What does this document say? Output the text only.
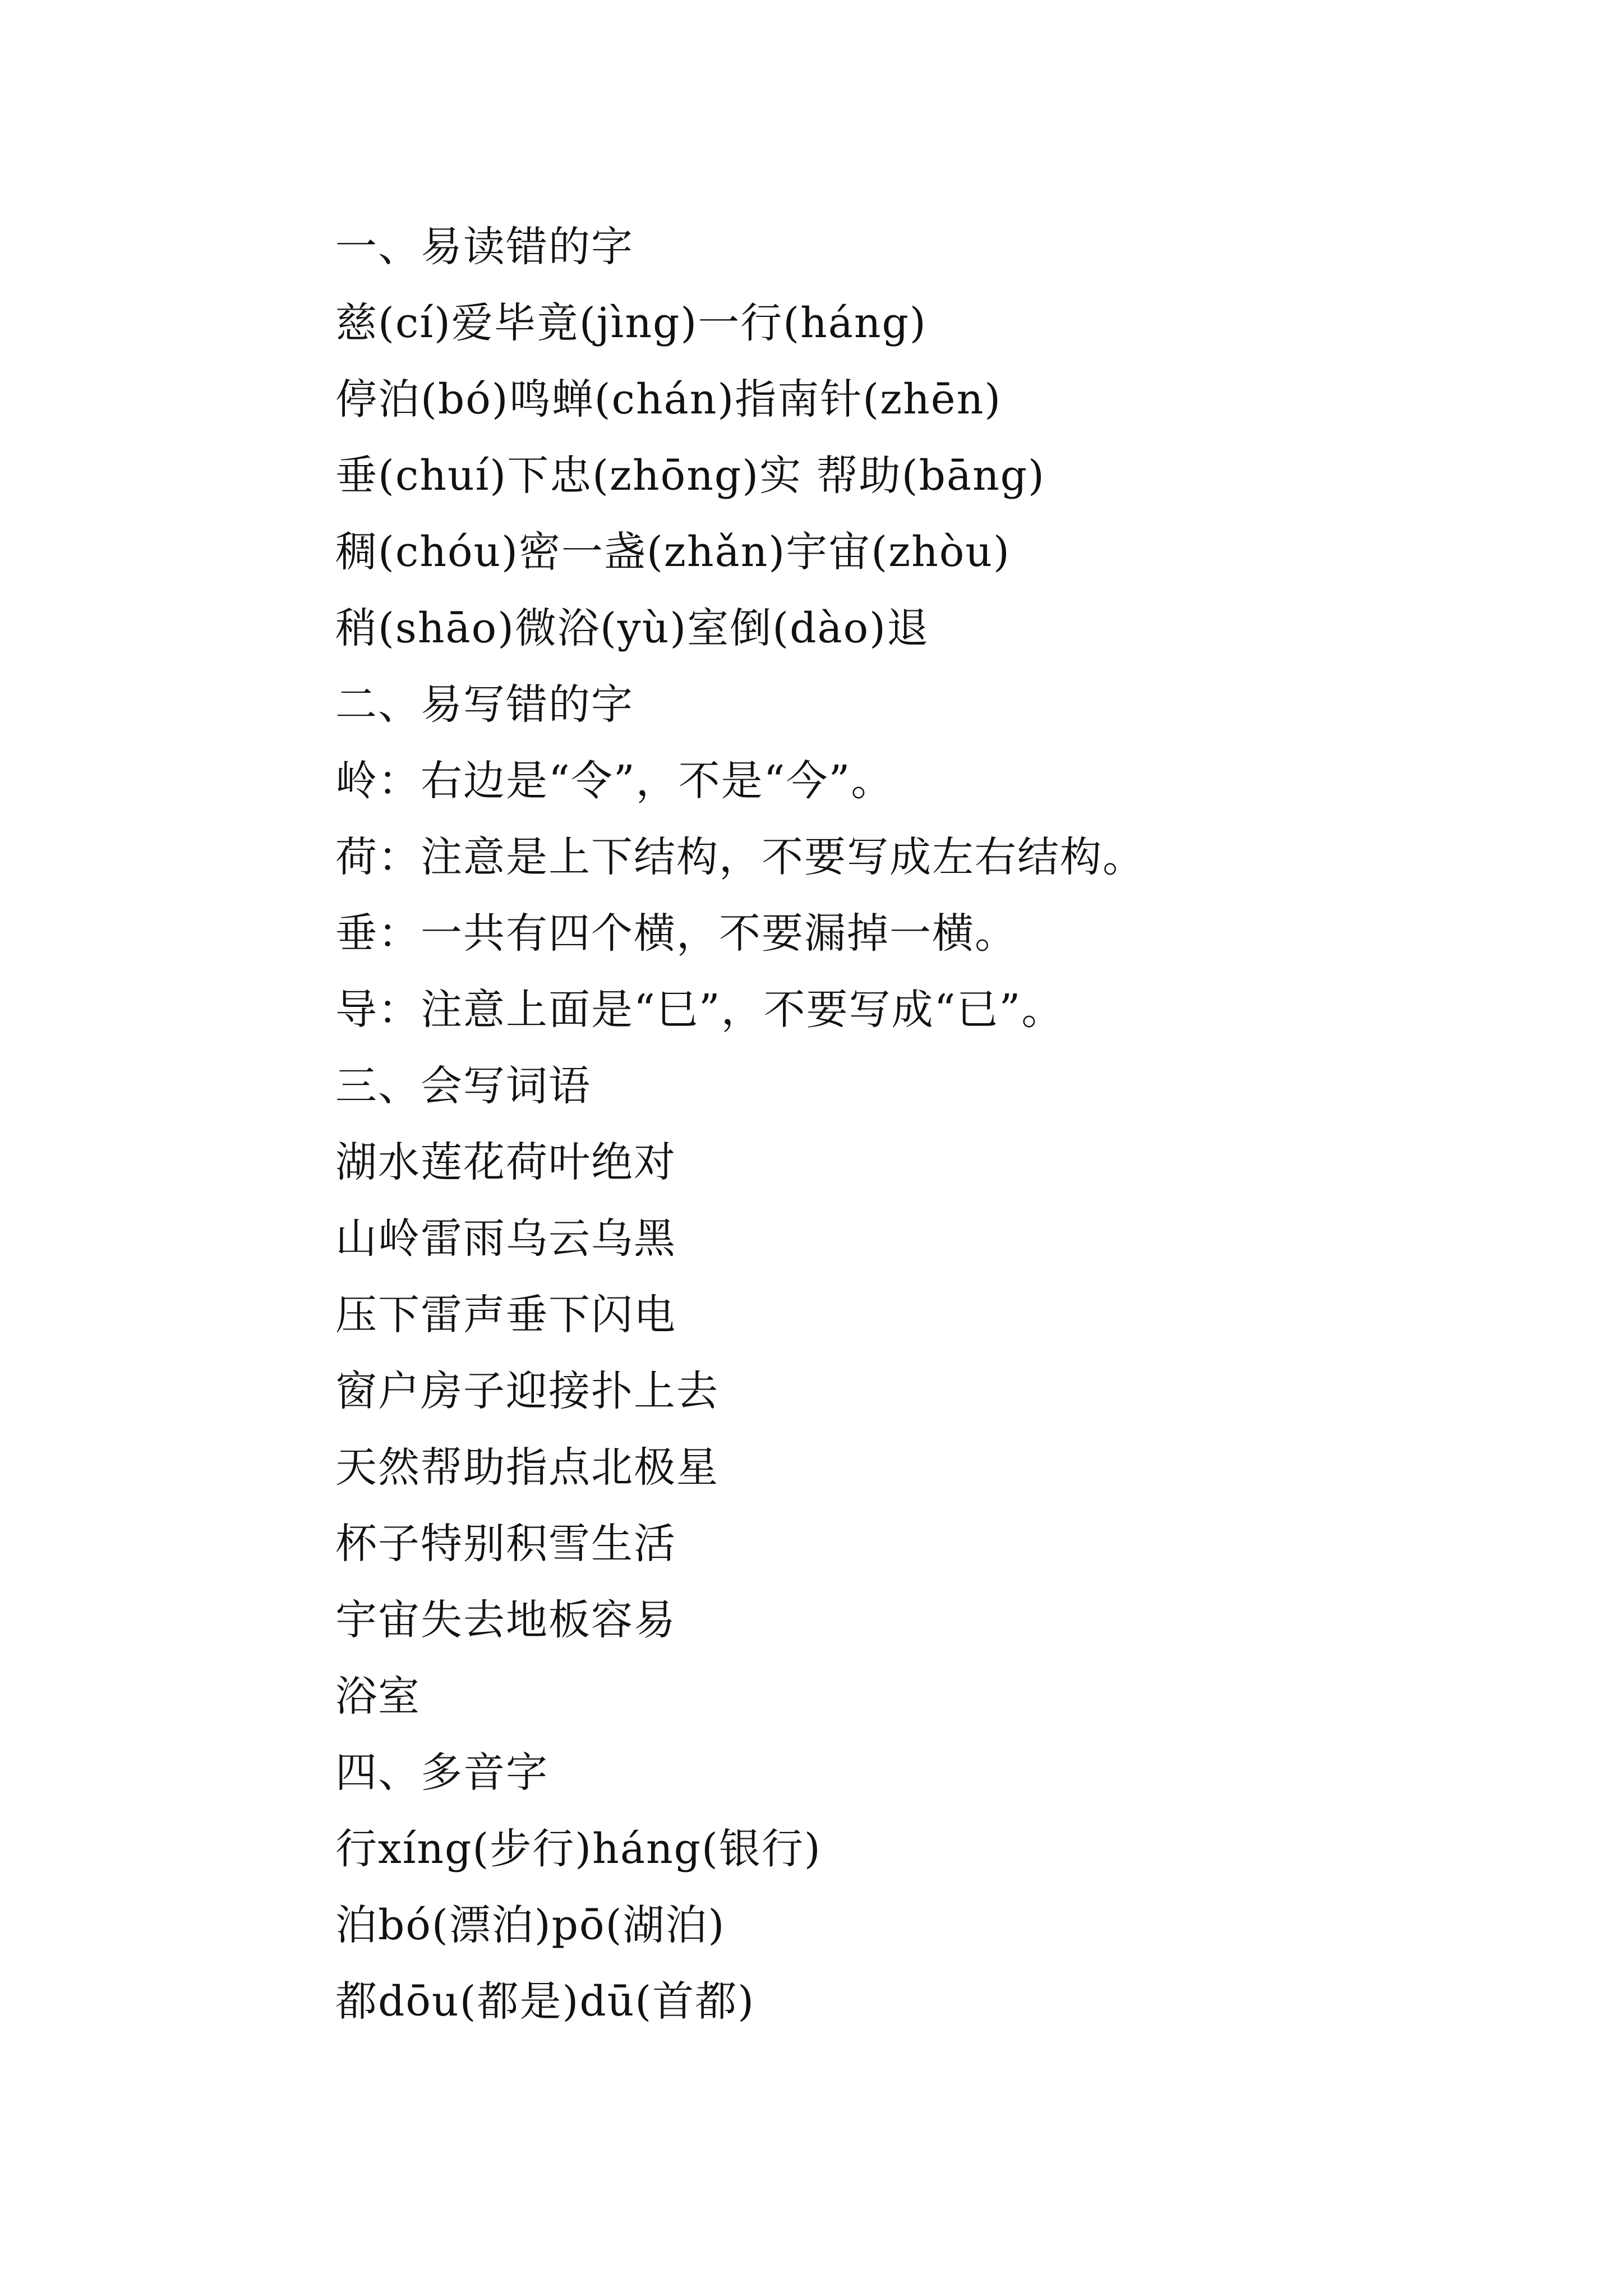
一、易读错的字
慈(cí)爱毕竟(jìng)一行(háng)
停泊(bó)鸣蝉(chán)指南针(zhēn)
垂(chuí)下忠(zhōng)实 帮助(bāng)
稠(chóu)密一盏(zhǎn)宇宙(zhòu)
稍(shāo)微浴(yù)室倒(dào)退
二、易写错的字
岭：右边是“令”，不是“今”。
荷：注意是上下结构，不要写成左右结构。
垂：一共有四个横，不要漏掉一横。
导：注意上面是“巳”，不要写成“已”。
三、会写词语
湖水莲花荷叶绝对
山岭雷雨乌云乌黑
压下雷声垂下闪电
窗户房子迎接扑上去
天然帮助指点北极星
杯子特别积雪生活
宇宙失去地板容易
浴室
四、多音字
行xíng(步行)háng(银行)
泊bó(漂泊)pō(湖泊)
都dōu(都是)dū(首都)
